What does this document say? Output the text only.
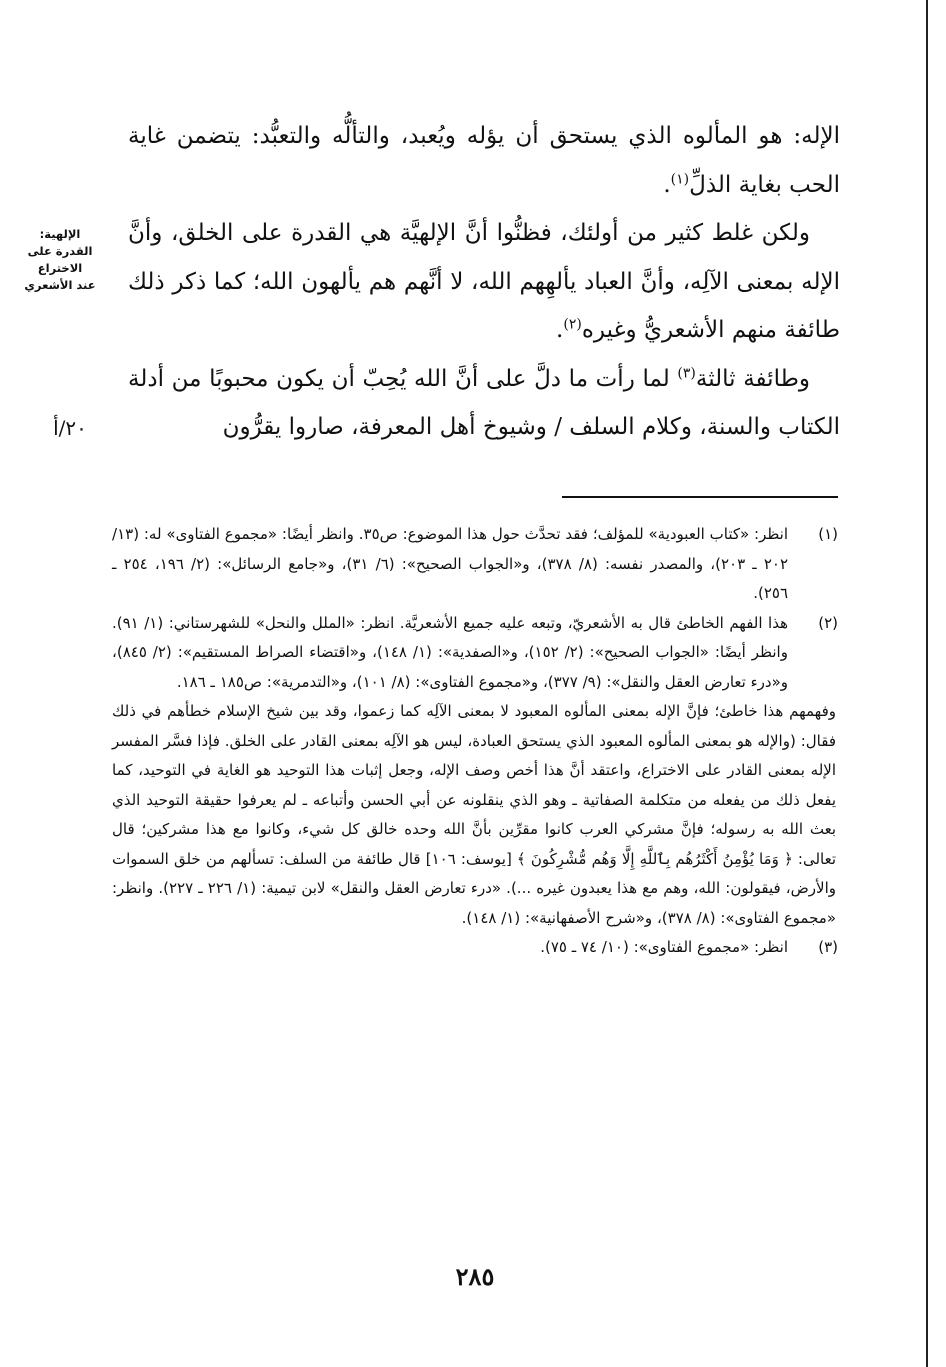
الإله: هو المألوه الذي يستحق أن يؤله ويُعبد، والتألُّه والتعبُّد: يتضمن غاية الحب بغاية الذلِّ$^{(١)}$.

ولكن غلط كثير من أولئك، فظنُّوا أنَّ الإلهيَّة هي القدرة على الخلق، وأنَّ الإله بمعنى الآلِه، وأنَّ العباد يألهِهم الله، لا أنَّهم هم يألهون الله؛ كما ذكر ذلك طائفة منهم الأشعريُّ وغيره$^{(٢)}$.

وطائفة ثالثة$^{(٣)}$ لما رأت ما دلَّ على أنَّ الله يُحِبّ أن يكون محبوبًا من أدلة الكتاب والسنة، وكلام السلف / وشيوخ أهل المعرفة، صاروا يقرُّون

الإلهية:
القدرة على الاختراع
عند الأشعري
٢٠/أ
(١)
انظر: «كتاب العبودية» للمؤلف؛ فقد تحدَّث حول هذا الموضوع: ص٣٥. وانظر أيضًا: «مجموع الفتاوى» له: (١٣/ ٢٠٢ ـ ٢٠٣)، والمصدر نفسه: (٨/ ٣٧٨)، و«الجواب الصحيح»: (٦/ ٣١)، و«جامع الرسائل»: (٢/ ١٩٦، ٢٥٤ ـ ٢٥٦).
(٢)
هذا الفهم الخاطئ قال به الأشعريّ، وتبعه عليه جميع الأشعريَّة. انظر: «الملل والنحل» للشهرستاني: (١/ ٩١). وانظر أيضًا: «الجواب الصحيح»: (٢/ ١٥٢)، و«الصفدية»: (١/ ١٤٨)، و«اقتضاء الصراط المستقيم»: (٢/ ٨٤٥)، و«درء تعارض العقل والنقل»: (٩/ ٣٧٧)، و«مجموع الفتاوى»: (٨/ ١٠١)، و«التدمرية»: ص١٨٥ ـ ١٨٦.
وفهمهم هذا خاطئ؛ فإنَّ الإله بمعنى المألوه المعبود لا بمعنى الآلِه كما زعموا، وقد بين شيخ الإسلام خطأهم في ذلك فقال: (والإله هو بمعنى المألوه المعبود الذي يستحق العبادة، ليس هو الآلِه بمعنى القادر على الخلق. فإذا فسَّر المفسر الإله بمعنى القادر على الاختراع، واعتقد أنَّ هذا أخص وصف الإله، وجعل إثبات هذا التوحيد هو الغاية في التوحيد، كما يفعل ذلك من يفعله من متكلمة الصفاتية ـ وهو الذي ينقلونه عن أبي الحسن وأتباعه ـ لم يعرفوا حقيقة التوحيد الذي بعث الله به رسوله؛ فإنَّ مشركي العرب كانوا مقرِّين بأنَّ الله وحده خالق كل شيء، وكانوا مع هذا مشركين؛ قال تعالى: ﴿ وَمَا يُؤْمِنُ أَكْثَرُهُم بِٱللَّهِ إِلَّا وَهُم مُّشْرِكُونَ ﴾ [يوسف: ١٠٦] قال طائفة من السلف: تسألهم من خلق السموات والأرض، فيقولون: الله، وهم مع هذا يعبدون غيره ...). «درء تعارض العقل والنقل» لابن تيمية: (١/ ٢٢٦ ـ ٢٢٧). وانظر: «مجموع الفتاوى»: (٨/ ٣٧٨)، و«شرح الأصفهانية»: (١/ ١٤٨).
(٣)
انظر: «مجموع الفتاوى»: (١٠/ ٧٤ ـ ٧٥).
٢٨٥
